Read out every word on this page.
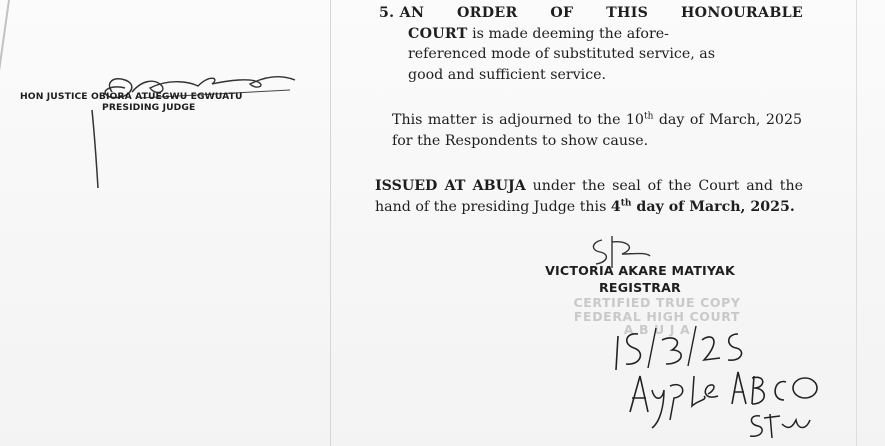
HON JUSTICE OBIORA ATUEGWU EGWUATU
PRESIDING JUDGE

5. AN ORDER OF THIS HONOURABLE

COURT is made deeming the afore-

referenced mode of substituted service, as

good and sufficient service.

This matter is adjourned to the 10th day of March, 2025 for the Respondents to show cause.

ISSUED AT ABUJA under the seal of the Court and the hand of the presiding Judge this 4th day of March, 2025.

VICTORIA AKARE MATIYAK
REGISTRAR
CERTIFIED TRUE COPY
FEDERAL HIGH COURT
A B U J A
